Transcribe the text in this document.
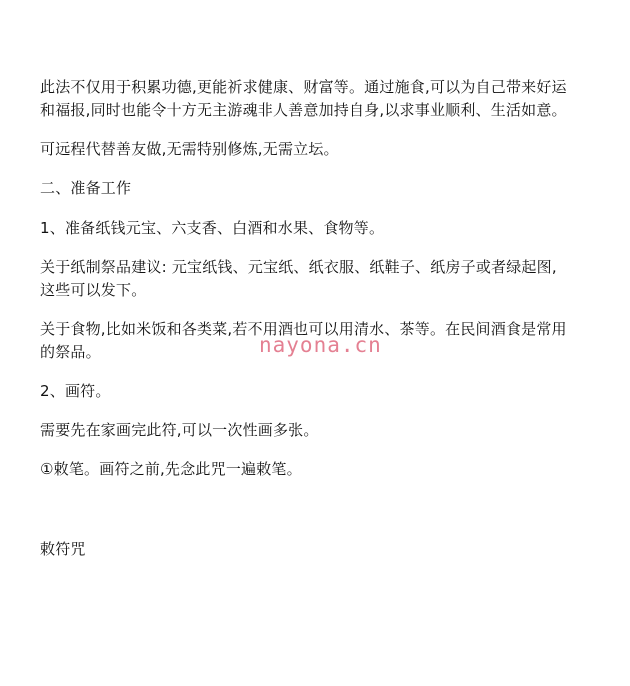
此法不仅用于积累功德,更能祈求健康、财富等。通过施食,可以为自己带来好运
和福报,同时也能令十方无主游魂非人善意加持自身,以求事业顺利、生活如意。
可远程代替善友做,无需特别修炼,无需立坛。
二、准备工作
1、准备纸钱元宝、六支香、白酒和水果、食物等。
关于纸制祭品建议: 元宝纸钱、元宝纸、纸衣服、纸鞋子、纸房子或者绿起图,
这些可以发下。
关于食物,比如米饭和各类菜,若不用酒也可以用清水、茶等。在民间酒食是常用
的祭品。
2、画符。
需要先在家画完此符,可以一次性画多张。
①敕笔。画符之前,先念此咒一遍敕笔。
敕符咒
nayona.cn
